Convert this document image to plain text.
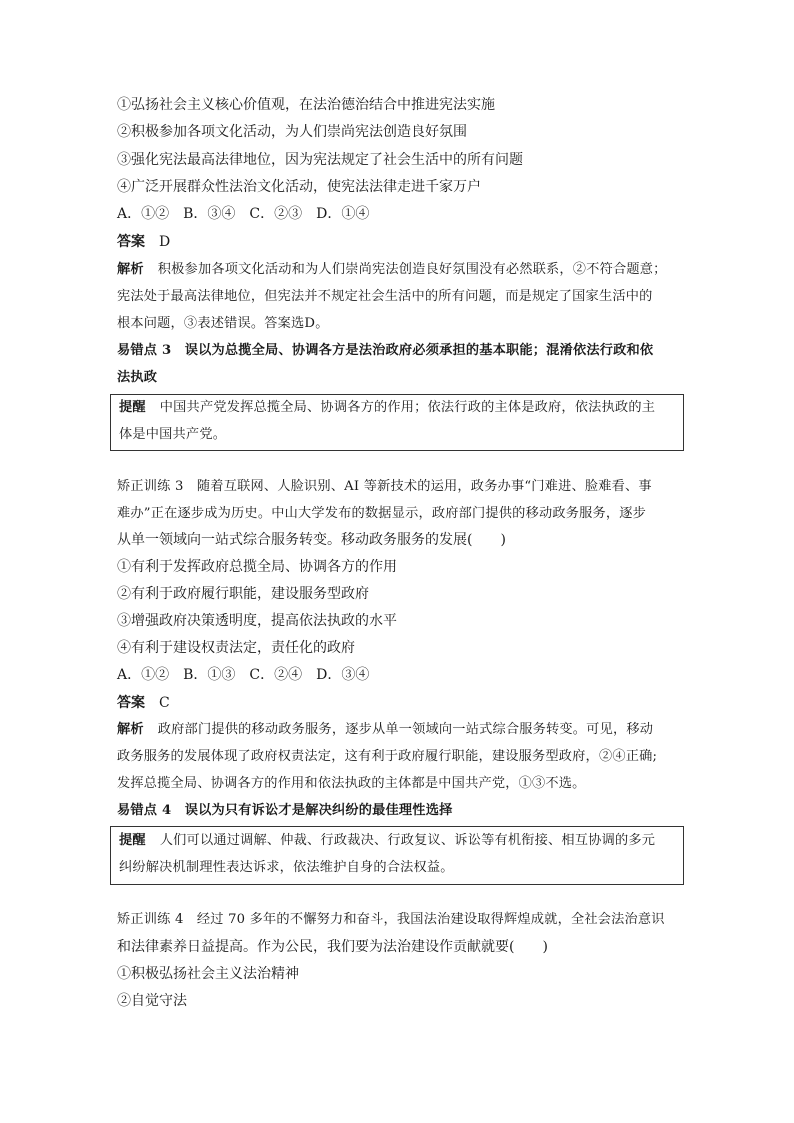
①弘扬社会主义核心价值观，在法治德治结合中推进宪法实施
②积极参加各项文化活动，为人们崇尚宪法创造良好氛围
③强化宪法最高法律地位，因为宪法规定了社会生活中的所有问题
④广泛开展群众性法治文化活动，使宪法法律走进千家万户
A．①②　B．③④　C．②③　D．①④
答案 D
解析 积极参加各项文化活动和为人们崇尚宪法创造良好氛围没有必然联系，②不符合题意；
宪法处于最高法律地位，但宪法并不规定社会生活中的所有问题，而是规定了国家生活中的
根本问题，③表述错误。答案选D。
易错点 3　误以为总揽全局、协调各方是法治政府必须承担的基本职能；混淆依法行政和依
法执政
提醒 中国共产党发挥总揽全局、协调各方的作用；依法行政的主体是政府，依法执政的主
体是中国共产党。
矫正训练 3　随着互联网、人脸识别、AI 等新技术的运用，政务办事“门难进、脸难看、事
难办”正在逐步成为历史。中山大学发布的数据显示，政府部门提供的移动政务服务，逐步
从单一领域向一站式综合服务转变。移动政务服务的发展(　　)
①有利于发挥政府总揽全局、协调各方的作用
②有利于政府履行职能，建设服务型政府
③增强政府决策透明度，提高依法执政的水平
④有利于建设权责法定，责任化的政府
A．①②　B．①③　C．②④　D．③④
答案 C
解析 政府部门提供的移动政务服务，逐步从单一领域向一站式综合服务转变。可见，移动
政务服务的发展体现了政府权责法定，这有利于政府履行职能，建设服务型政府，②④正确;
发挥总揽全局、协调各方的作用和依法执政的主体都是中国共产党，①③不选。
易错点 4　误以为只有诉讼才是解决纠纷的最佳理性选择
提醒 人们可以通过调解、仲裁、行政裁决、行政复议、诉讼等有机衔接、相互协调的多元
纠纷解决机制理性表达诉求，依法维护自身的合法权益。
矫正训练 4　经过 70 多年的不懈努力和奋斗，我国法治建设取得辉煌成就，全社会法治意识
和法律素养日益提高。作为公民，我们要为法治建设作贡献就要(　　)
①积极弘扬社会主义法治精神
②自觉守法
